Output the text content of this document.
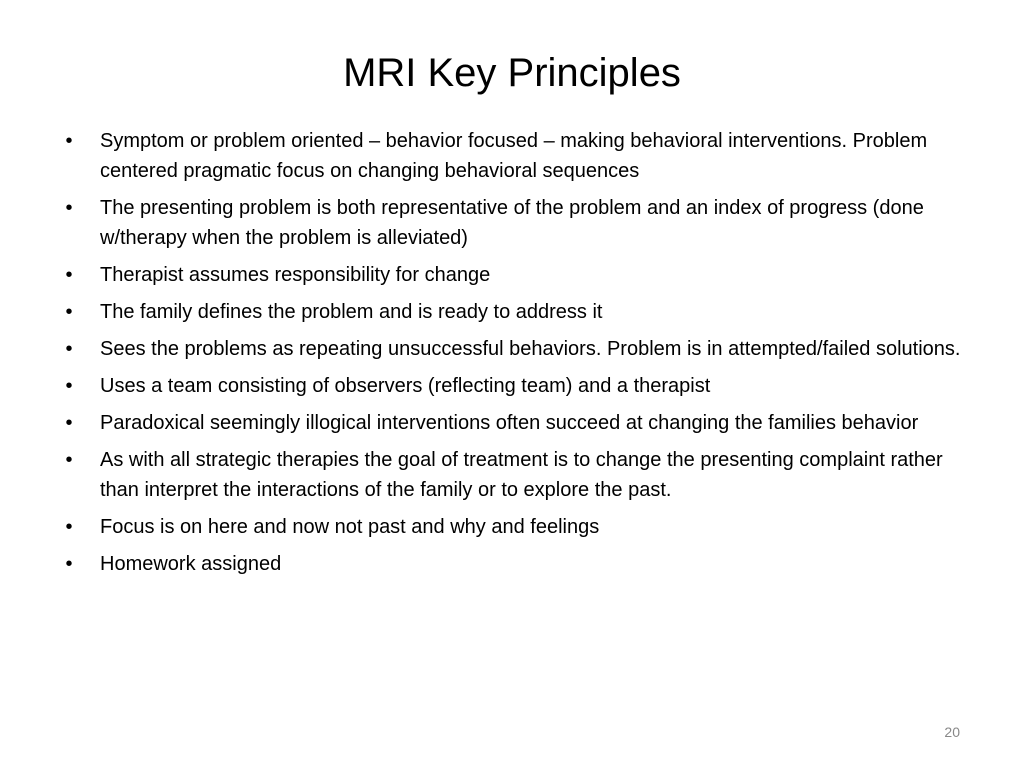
MRI Key Principles
• Symptom or problem oriented – behavior focused – making behavioral interventions. Problem centered pragmatic focus on changing behavioral sequences
• The presenting problem is both representative of the problem and an index of progress (done w/therapy when the problem is alleviated)
• Therapist assumes responsibility for change
• The family defines the problem and is ready to address it
• Sees the problems as repeating unsuccessful behaviors. Problem is in attempted/failed solutions.
• Uses a team consisting of observers (reflecting team) and a therapist
• Paradoxical seemingly illogical interventions often succeed at changing the families behavior
• As with all strategic therapies the goal of treatment is to change the presenting complaint rather than interpret the interactions of the family or to explore the past.
• Focus is on here and now not past and why and feelings
• Homework assigned
20
